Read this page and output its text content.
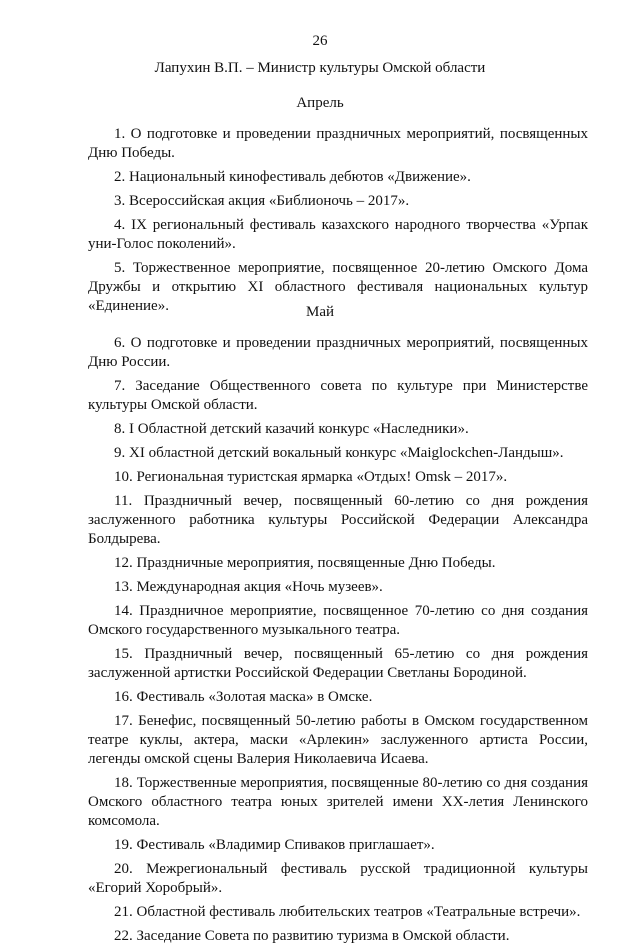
26
Лапухин В.П. – Министр культуры Омской области
Апрель

1. О подготовке и проведении праздничных мероприятий, посвященных Дню Победы.

2. Национальный кинофестиваль дебютов «Движение».

3. Всероссийская акция «Библионочь – 2017».

4. IX региональный фестиваль казахского народного творчества «Урпак уни-Голос поколений».

5. Торжественное мероприятие, посвященное 20-летию Омского Дома Дружбы и открытию XI областного фестиваля национальных культур «Единение».	Май

6. О подготовке и проведении праздничных мероприятий, посвященных Дню России.

7. Заседание Общественного совета по культуре при Министерстве культуры Омской области.

8. I Областной детский казачий конкурс «Наследники».

9. XI областной детский вокальный конкурс «Maiglockchen-Ландыш».

10. Региональная туристская ярмарка «Отдых! Omsk – 2017».

11. Праздничный вечер, посвященный 60-летию со дня рождения заслуженного работника культуры Российской Федерации Александра Болдырева.

12. Праздничные мероприятия, посвященные Дню Победы.

13. Международная акция «Ночь музеев».

14. Праздничное мероприятие, посвященное 70-летию со дня создания Омского государственного музыкального театра.

15. Праздничный вечер, посвященный 65-летию со дня рождения заслуженной артистки Российской Федерации Светланы Бородиной.

16. Фестиваль «Золотая маска» в Омске.

17. Бенефис, посвященный 50-летию работы в Омском государственном театре куклы, актера, маски «Арлекин» заслуженного артиста России, легенды омской сцены Валерия Николаевича Исаева.

18. Торжественные мероприятия, посвященные 80-летию со дня создания Омского областного театра юных зрителей имени XX-летия Ленинского комсомола.

19. Фестиваль «Владимир Спиваков приглашает».

20. Межрегиональный фестиваль русской традиционной культуры «Егорий Хоробрый».

21. Областной фестиваль любительских театров «Театральные встречи».

22. Заседание Совета по развитию туризма в Омской области.
